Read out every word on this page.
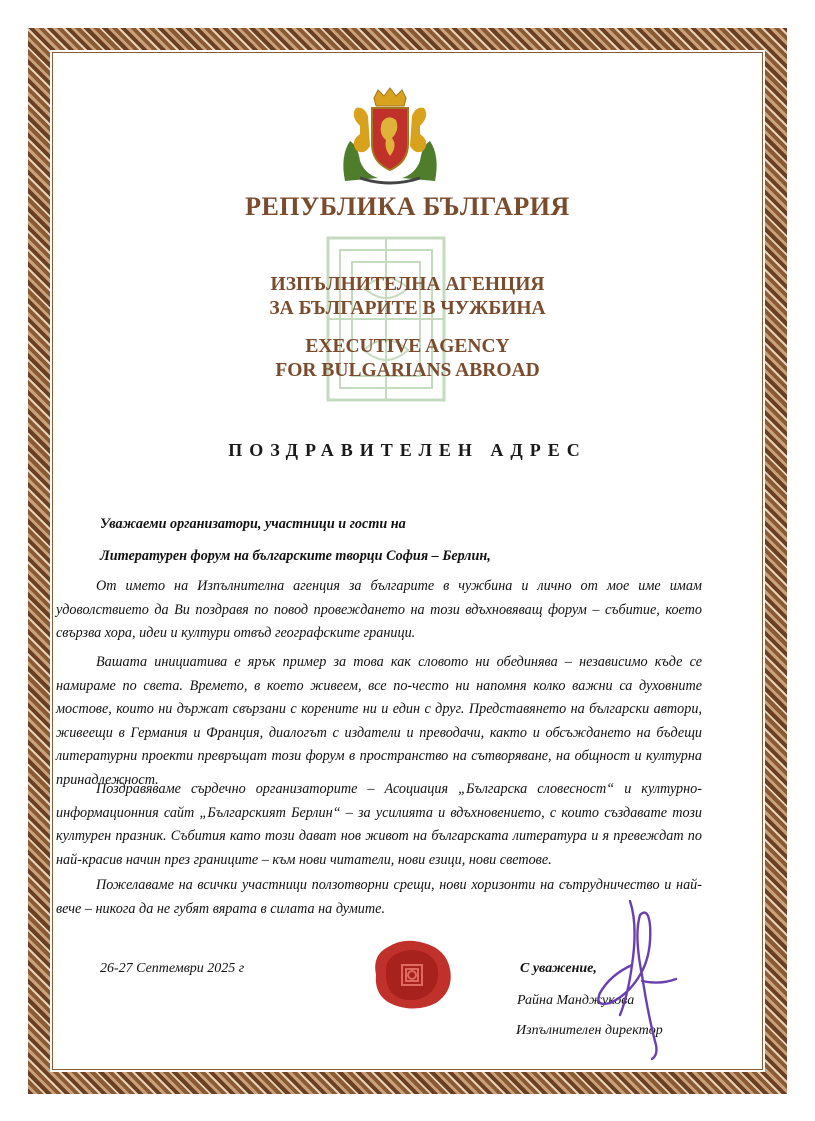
РЕПУБЛИКА БЪЛГАРИЯ
ИЗПЪЛНИТЕЛНА АГЕНЦИЯ
ЗА БЪЛГАРИТЕ В ЧУЖБИНА
EXECUTIVE AGENCY
FOR BULGARIANS ABROAD
ПОЗДРАВИТЕЛЕН АДРЕС
Уважаеми организатори, участници и гости на
Литературен форум на българските творци София – Берлин,

От името на Изпълнителна агенция за българите в чужбина и лично от мое име имам удоволствието да Ви поздравя по повод провеждането на този вдъхновяващ форум – събитие, което свързва хора, идеи и култури отвъд географските граници.

Вашата инициатива е ярък пример за това как словото ни обединява – независимо къде се намираме по света. Времето, в което живеем, все по-често ни напомня колко важни са духовните мостове, които ни държат свързани с корените ни и един с друг. Представянето на български автори, живеещи в Германия и Франция, диалогът с издатели и преводачи, както и обсъждането на бъдещи литературни проекти превръщат този форум в пространство на сътворяване, на общност и културна принадлежност.

Поздравяваме сърдечно организаторите – Асоциация „Българска словесност“ и културно-информационния сайт „Българският Берлин“ – за усилията и вдъхновението, с които създавате този културен празник. Събития като този дават нов живот на българската литература и я превеждат по най-красив начин през границите – към нови читатели, нови езици, нови светове.

Пожелаваме на всички участници ползотворни срещи, нови хоризонти на сътрудничество и най-вече – никога да не губят вярата в силата на думите.

26-27 Септември 2025 г	С уважение,
Райна Манджукова
Изпълнителен директор
